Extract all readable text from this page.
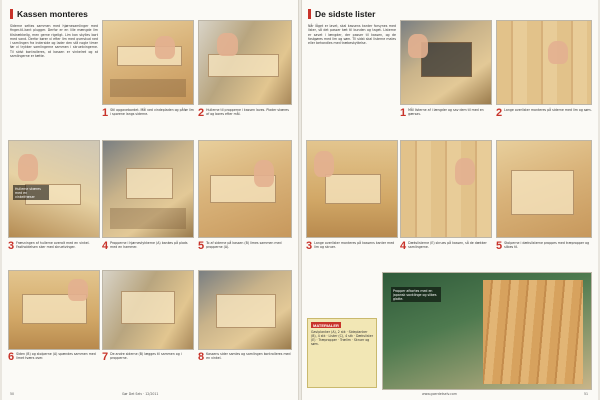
Kassen monteres
Siderne settes sammen med hjørnesamlinger med finger-til-kant plugger. Derfor er en lille mængde lim tilstrækkelig, men gerne rigeligt. Lim kan skylles bort med vand. Derfor kører vi efter lim med overskud ned i samlingen fra inderside og lader den stå nogle timer før vi trykker samlingerne sammen i skruetvingerne. Til sidst kontrolleres, at kassen er vinkelret og at samlingerne er tætte.
1 Stil opgavebordet. Mål ved vindepladen og påfør lim i sporene langs siderne.	2 Hullerne til propperne i kassen laves. Plader skæres af og bores efter mål.
Hullerne skæres med en vinkelfræser
3 Fræsningen af hullerne overalt med en vinkel. Fastholdelsen sker med skruetvinger.	4 Propperne i hjørnestykkerne (A) bankes på plads med en hammer.	5 To af siderne på kassen (B) limes sammen med propperne (A).
6 Siden (B) og stolperne (A) spændes sammen med limet tværs over.	7 De andre siderne (B) lægges til sammen og i propperne.	8 Kassens sider samles og samlingen kontrolleres med en vinkel.
50	Gør Det Selv · 12/2011
De sidste lister
Når låget er lavet, skal kassens kanter forsynes med lister, så det passer tæt til bunden og taget. Listerne er savet i længder, der passer til kassen, og de fastgøres med lim og søm. Til sidst skal listerne males eller behandles med træbeskyttelse.
1 Mål listerne af i længder og sav dem til med en gærsav.	2 Lange overlister monteres på siderne med lim og søm.
3 Lange overlister monteres på kassens kanter med lim og skruer.	4 Dækslisterne (E) skrues på kassen, så de dækker samlingerne.	5 Stolperne i dækslisterne proppes med træpropper og slibes til.
Propper afkortes med en japansk savklinge og slibes glatte.
MATERIALER
Gavlplanker (A), 2 stk · Sideplanker (B), 4 stk · Lister (C), 4 stk · Dækslister (E) · Træpropper · Trælim · Skruer og søm.
www.goerdetselv.com	51
